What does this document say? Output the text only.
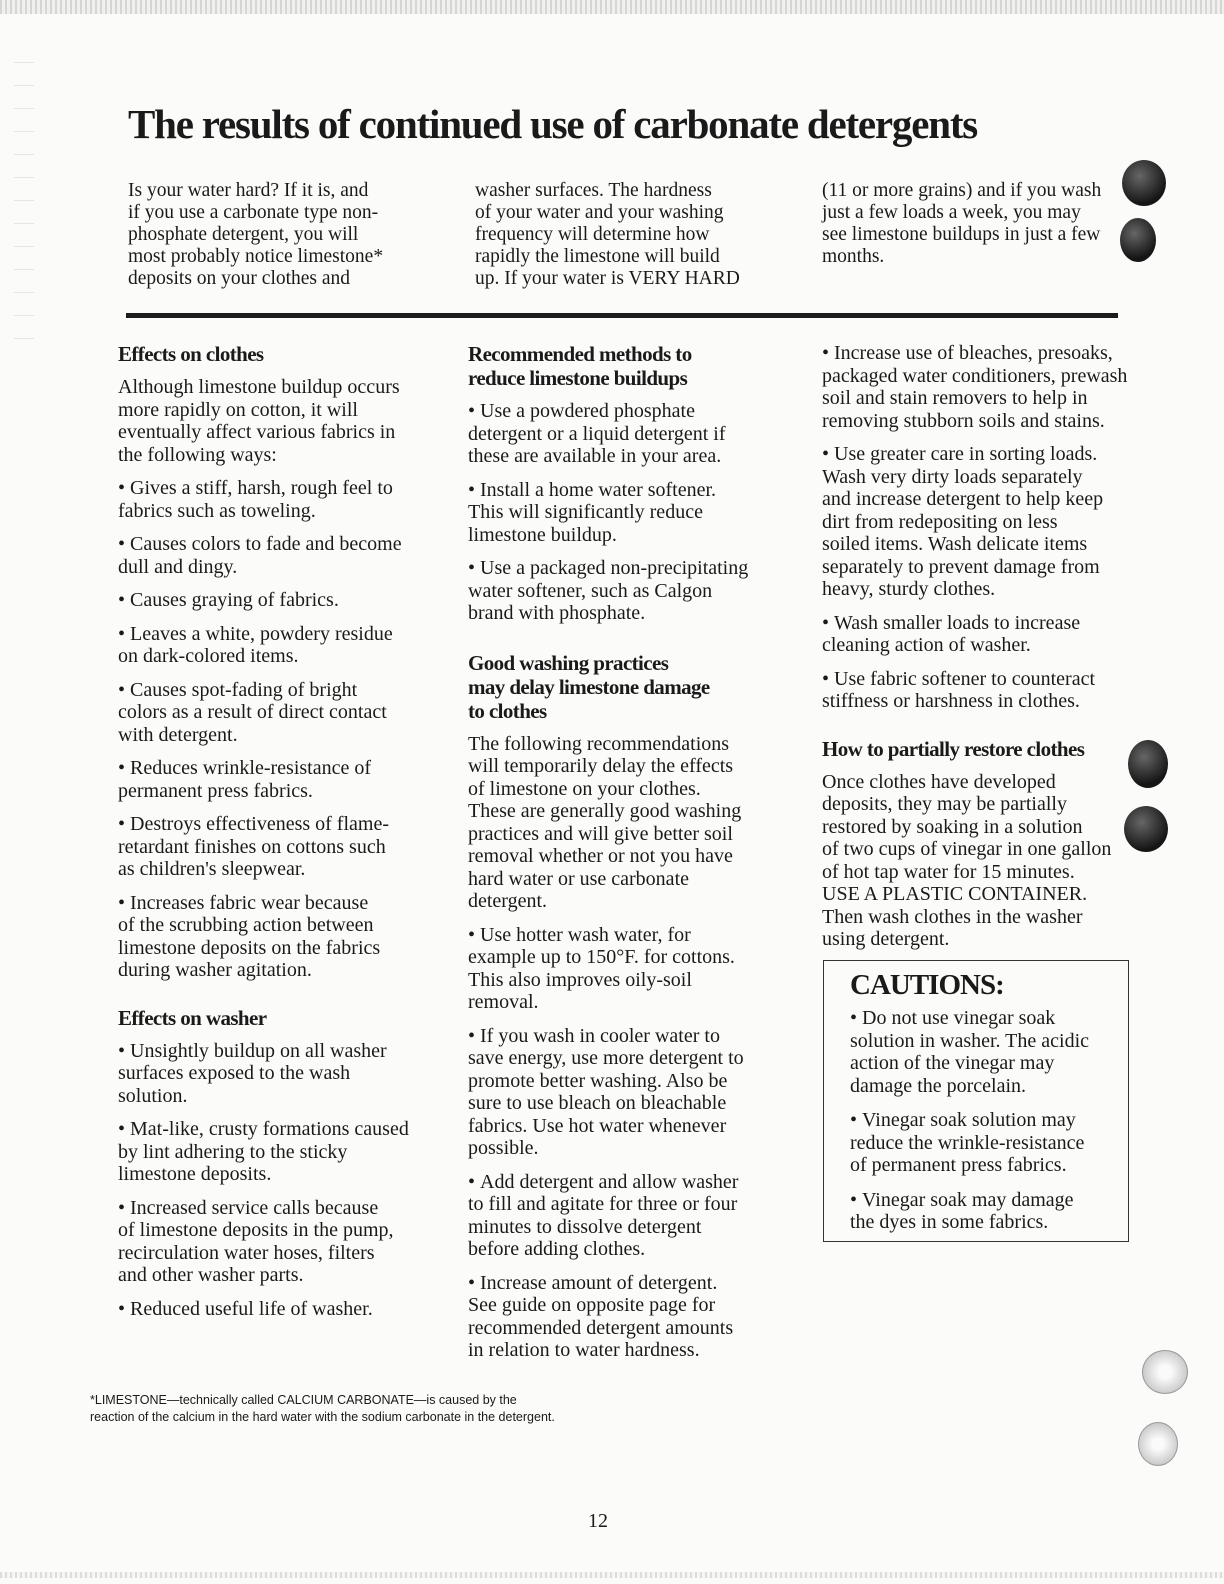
The results of continued use of carbonate detergents
Is your water hard? If it is, and
if you use a carbonate type non-
phosphate detergent, you will
most probably notice limestone*
deposits on your clothes and
washer surfaces. The hardness
of your water and your washing
frequency will determine how
rapidly the limestone will build
up. If your water is VERY HARD
(11 or more grains) and if you wash
just a few loads a week, you may
see limestone buildups in just a few
months.
Effects on clothes

Although limestone buildup occurs
more rapidly on cotton, it will
eventually affect various fabrics in
the following ways:

• Gives a stiff, harsh, rough feel to
fabrics such as toweling.

• Causes colors to fade and become
dull and dingy.

• Causes graying of fabrics.

• Leaves a white, powdery residue
on dark-colored items.

• Causes spot-fading of bright
colors as a result of direct contact
with detergent.

• Reduces wrinkle-resistance of
permanent press fabrics.

• Destroys effectiveness of flame-
retardant finishes on cottons such
as children's sleepwear.

• Increases fabric wear because
of the scrubbing action between
limestone deposits on the fabrics
during washer agitation.

Effects on washer

• Unsightly buildup on all washer
surfaces exposed to the wash
solution.

• Mat-like, crusty formations caused
by lint adhering to the sticky
limestone deposits.

• Increased service calls because
of limestone deposits in the pump,
recirculation water hoses, filters
and other washer parts.

• Reduced useful life of washer.

Recommended methods to
reduce limestone buildups

• Use a powdered phosphate
detergent or a liquid detergent if
these are available in your area.

• Install a home water softener.
This will significantly reduce
limestone buildup.

• Use a packaged non-precipitating
water softener, such as Calgon
brand with phosphate.

Good washing practices
may delay limestone damage
to clothes

The following recommendations
will temporarily delay the effects
of limestone on your clothes.
These are generally good washing
practices and will give better soil
removal whether or not you have
hard water or use carbonate
detergent.

• Use hotter wash water, for
example up to 150°F. for cottons.
This also improves oily-soil
removal.

• If you wash in cooler water to
save energy, use more detergent to
promote better washing. Also be
sure to use bleach on bleachable
fabrics. Use hot water whenever
possible.

• Add detergent and allow washer
to fill and agitate for three or four
minutes to dissolve detergent
before adding clothes.

• Increase amount of detergent.
See guide on opposite page for
recommended detergent amounts
in relation to water hardness.

• Increase use of bleaches, presoaks,
packaged water conditioners, prewash
soil and stain removers to help in
removing stubborn soils and stains.

• Use greater care in sorting loads.
Wash very dirty loads separately
and increase detergent to help keep
dirt from redepositing on less
soiled items. Wash delicate items
separately to prevent damage from
heavy, sturdy clothes.

• Wash smaller loads to increase
cleaning action of washer.

• Use fabric softener to counteract
stiffness or harshness in clothes.

How to partially restore clothes

Once clothes have developed
deposits, they may be partially
restored by soaking in a solution
of two cups of vinegar in one gallon
of hot tap water for 15 minutes.
USE A PLASTIC CONTAINER.
Then wash clothes in the washer
using detergent.

CAUTIONS:

• Do not use vinegar soak
solution in washer. The acidic
action of the vinegar may
damage the porcelain.

• Vinegar soak solution may
reduce the wrinkle-resistance
of permanent press fabrics.

• Vinegar soak may damage
the dyes in some fabrics.

*LIMESTONE—technically called CALCIUM CARBONATE—is caused by the
reaction of the calcium in the hard water with the sodium carbonate in the detergent.
12
